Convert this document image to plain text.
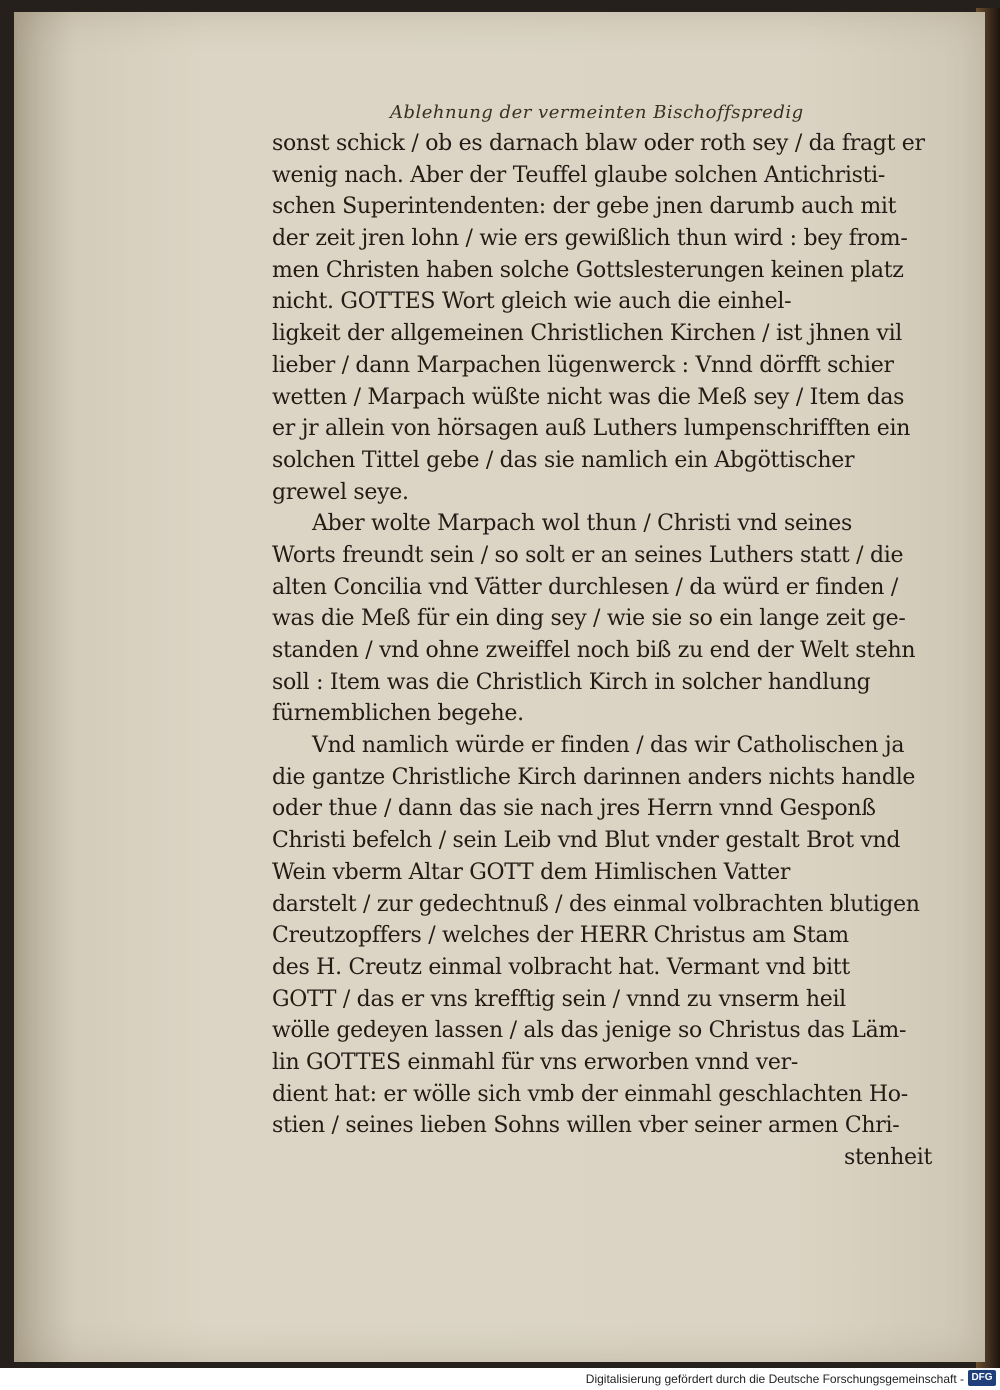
Ablehnung der vermeinten Bischoffspredig
sonst schick / ob es darnach blaw oder roth sey / da fragt er
wenig nach. Aber der Teuffel glaube solchen Antichristi-
schen Superintendenten: der gebe jnen darumb auch mit
der zeit jren lohn / wie ers gewißlich thun wird : bey from-
men Christen haben solche Gottslesterungen keinen platz
nicht. GOTTES Wort gleich wie auch die einhel-
ligkeit der allgemeinen Christlichen Kirchen / ist jhnen vil
lieber / dann Marpachen lügenwerck : Vnnd dörfft schier
wetten / Marpach wüßte nicht was die Meß sey / Item das
er jr allein von hörsagen auß Luthers lumpenschrifften ein
solchen Tittel gebe / das sie namlich ein Abgöttischer
grewel seye.
Aber wolte Marpach wol thun / Christi vnd seines
Worts freundt sein / so solt er an seines Luthers statt / die
alten Concilia vnd Vätter durchlesen / da würd er finden /
was die Meß für ein ding sey / wie sie so ein lange zeit ge-
standen / vnd ohne zweiffel noch biß zu end der Welt stehn
soll : Item was die Christlich Kirch in solcher handlung
fürnemblichen begehe.
Vnd namlich würde er finden / das wir Catholischen ja
die gantze Christliche Kirch darinnen anders nichts handle
oder thue / dann das sie nach jres Herrn vnnd Gesponß
Christi befelch / sein Leib vnd Blut vnder gestalt Brot vnd
Wein vberm Altar GOTT dem Himlischen Vatter
darstelt / zur gedechtnuß / des einmal volbrachten blutigen
Creutzopffers / welches der HERR Christus am Stam
des H. Creutz einmal volbracht hat. Vermant vnd bitt
GOTT / das er vns krefftig sein / vnnd zu vnserm heil
wölle gedeyen lassen / als das jenige so Christus das Läm-
lin GOTTES einmahl für vns erworben vnnd ver-
dient hat: er wölle sich vmb der einmahl geschlachten Ho-
stien / seines lieben Sohns willen vber seiner armen Chri-
stenheit
Digitalisierung gefördert durch die Deutsche Forschungsgemeinschaft - DFG
